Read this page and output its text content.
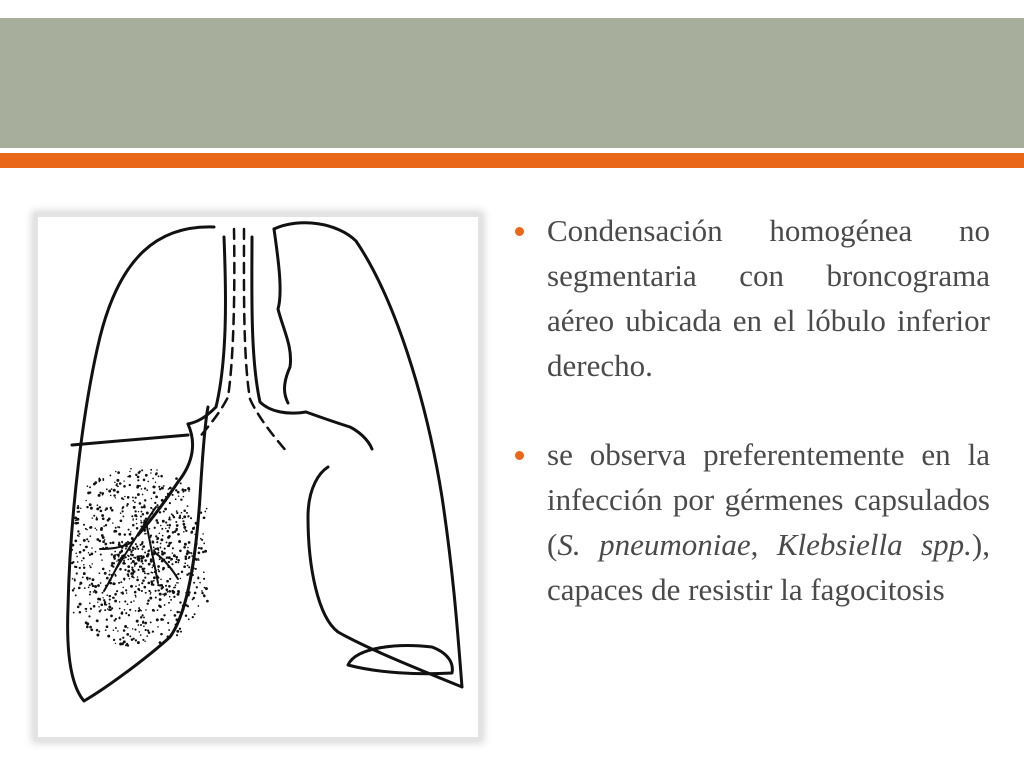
Condensación homogénea no segmentaria con broncograma aéreo ubicada en el lóbulo inferior derecho.
se observa preferentemente en la infección por gérmenes capsulados (S. pneumoniae, Klebsiella spp.), capaces de resistir la fagocitosis
